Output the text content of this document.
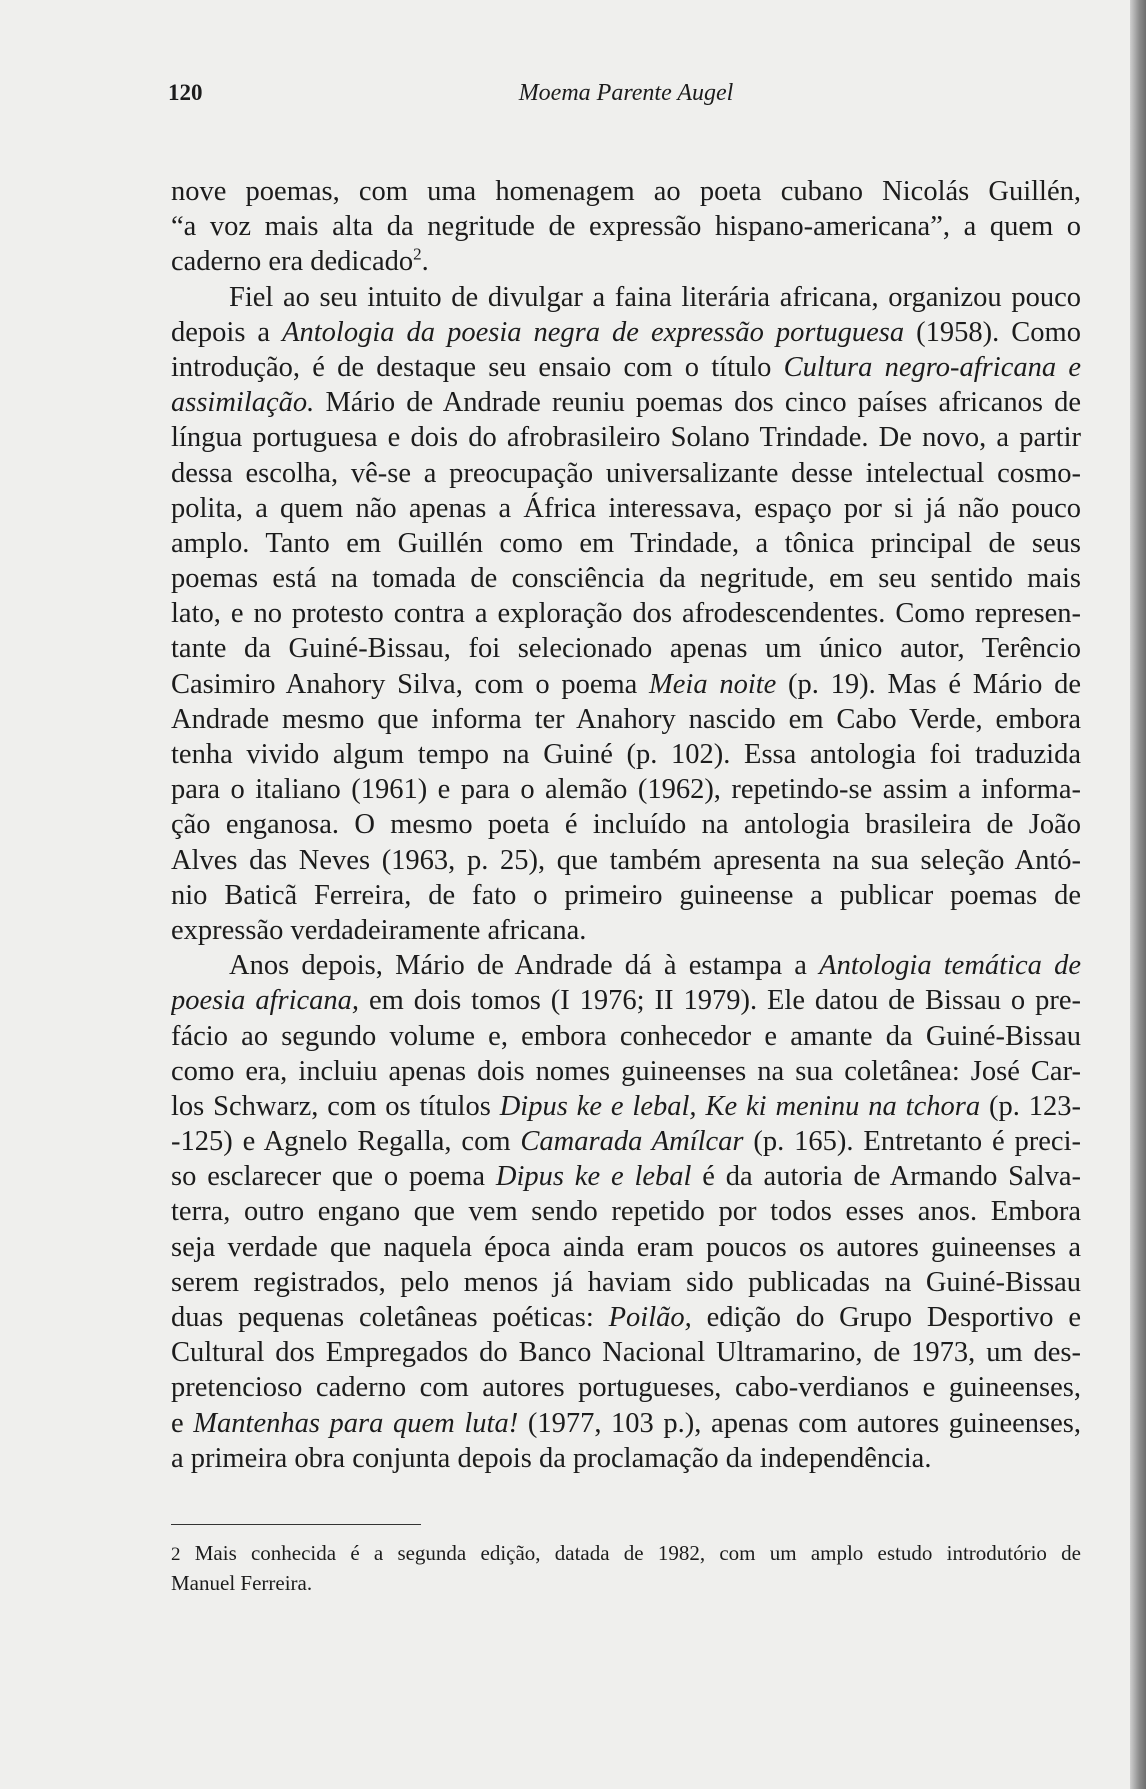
120	Moema Parente Augel
nove poemas, com uma homenagem ao poeta cubano Nicolás Guillén,
“a voz mais alta da negritude de expressão hispano-americana”, a quem o
caderno era dedicado$^2$.
Fiel ao seu intuito de divulgar a faina literária africana, organizou pouco
depois a Antologia da poesia negra de expressão portuguesa (1958). Como
introdução, é de destaque seu ensaio com o título Cultura negro-africana e
assimilação. Mário de Andrade reuniu poemas dos cinco países africanos de
língua portuguesa e dois do afrobrasileiro Solano Trindade. De novo, a partir
dessa escolha, vê-se a preocupação universalizante desse intelectual cosmo-
polita, a quem não apenas a África interessava, espaço por si já não pouco
amplo. Tanto em Guillén como em Trindade, a tônica principal de seus
poemas está na tomada de consciência da negritude, em seu sentido mais
lato, e no protesto contra a exploração dos afrodescendentes. Como represen-
tante da Guiné-Bissau, foi selecionado apenas um único autor, Terêncio
Casimiro Anahory Silva, com o poema Meia noite (p. 19). Mas é Mário de
Andrade mesmo que informa ter Anahory nascido em Cabo Verde, embora
tenha vivido algum tempo na Guiné (p. 102). Essa antologia foi traduzida
para o italiano (1961) e para o alemão (1962), repetindo-se assim a informa-
ção enganosa. O mesmo poeta é incluído na antologia brasileira de João
Alves das Neves (1963, p. 25), que também apresenta na sua seleção Antó-
nio Baticã Ferreira, de fato o primeiro guineense a publicar poemas de
expressão verdadeiramente africana.
Anos depois, Mário de Andrade dá à estampa a Antologia temática de
poesia africana, em dois tomos (I 1976; II 1979). Ele datou de Bissau o pre-
fácio ao segundo volume e, embora conhecedor e amante da Guiné-Bissau
como era, incluiu apenas dois nomes guineenses na sua coletânea: José Car-
los Schwarz, com os títulos Dipus ke e lebal, Ke ki meninu na tchora (p. 123-
-125) e Agnelo Regalla, com Camarada Amílcar (p. 165). Entretanto é preci-
so esclarecer que o poema Dipus ke e lebal é da autoria de Armando Salva-
terra, outro engano que vem sendo repetido por todos esses anos. Embora
seja verdade que naquela época ainda eram poucos os autores guineenses a
serem registrados, pelo menos já haviam sido publicadas na Guiné-Bissau
duas pequenas coletâneas poéticas: Poilão, edição do Grupo Desportivo e
Cultural dos Empregados do Banco Nacional Ultramarino, de 1973, um des-
pretencioso caderno com autores portugueses, cabo-verdianos e guineenses,
e Mantenhas para quem luta! (1977, 103 p.), apenas com autores guineenses,
a primeira obra conjunta depois da proclamação da independência.
2 Mais conhecida é a segunda edição, datada de 1982, com um amplo estudo introdutório de
Manuel Ferreira.
